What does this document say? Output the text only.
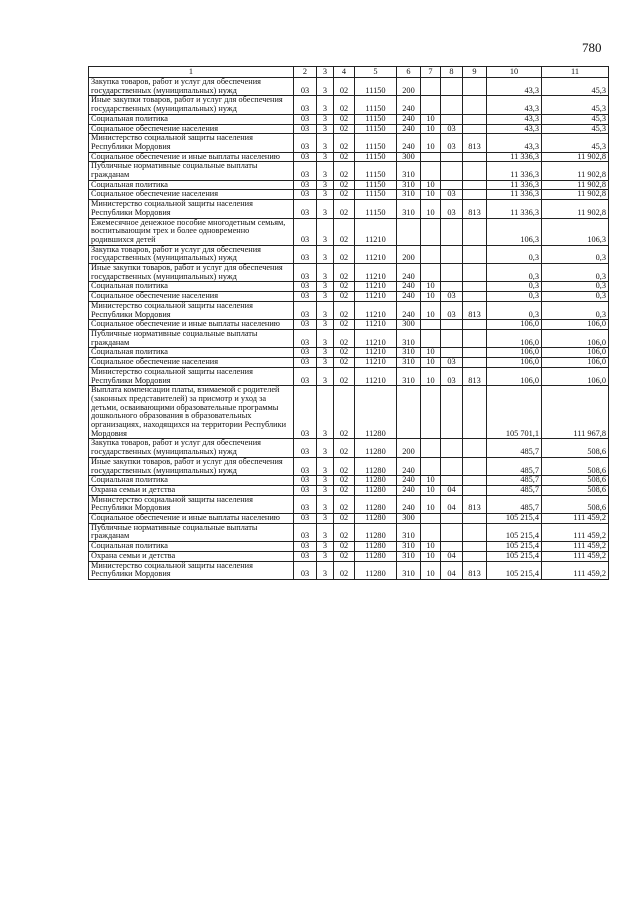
780
1	2	3	4	5	6	7	8	9	10	11
Закупка товаров, работ и услуг для обеспечения государственных (муниципальных) нужд	03	3	02	11150	200				43,3	45,3
Иные закупки товаров, работ и услуг для обеспечения государственных (муниципальных) нужд	03	3	02	11150	240				43,3	45,3
Социальная политика	03	3	02	11150	240	10			43,3	45,3
Социальное обеспечение населения	03	3	02	11150	240	10	03		43,3	45,3
Министерство социальной защиты населения Республики Мордовия	03	3	02	11150	240	10	03	813	43,3	45,3
Социальное обеспечение и иные выплаты населению	03	3	02	11150	300				11 336,3	11 902,8
Публичные нормативные социальные выплаты гражданам	03	3	02	11150	310				11 336,3	11 902,8
Социальная политика	03	3	02	11150	310	10			11 336,3	11 902,8
Социальное обеспечение населения	03	3	02	11150	310	10	03		11 336,3	11 902,8
Министерство социальной защиты населения Республики Мордовия	03	3	02	11150	310	10	03	813	11 336,3	11 902,8
Ежемесячное денежное пособие многодетным семьям, воспитывающим трех и более одновременно родившихся детей	03	3	02	11210					106,3	106,3
Закупка товаров, работ и услуг для обеспечения государственных (муниципальных) нужд	03	3	02	11210	200				0,3	0,3
Иные закупки товаров, работ и услуг для обеспечения государственных (муниципальных) нужд	03	3	02	11210	240				0,3	0,3
Социальная политика	03	3	02	11210	240	10			0,3	0,3
Социальное обеспечение населения	03	3	02	11210	240	10	03		0,3	0,3
Министерство социальной защиты населения Республики Мордовия	03	3	02	11210	240	10	03	813	0,3	0,3
Социальное обеспечение и иные выплаты населению	03	3	02	11210	300				106,0	106,0
Публичные нормативные социальные выплаты гражданам	03	3	02	11210	310				106,0	106,0
Социальная политика	03	3	02	11210	310	10			106,0	106,0
Социальное обеспечение населения	03	3	02	11210	310	10	03		106,0	106,0
Министерство социальной защиты населения Республики Мордовия	03	3	02	11210	310	10	03	813	106,0	106,0
Выплата компенсации платы, взимаемой с родителей (законных представителей) за присмотр и уход за детьми, осваивающими образовательные программы дошкольного образования в образовательных организациях, находящихся на территории Республики Мордовия	03	3	02	11280					105 701,1	111 967,8
Закупка товаров, работ и услуг для обеспечения государственных (муниципальных) нужд	03	3	02	11280	200				485,7	508,6
Иные закупки товаров, работ и услуг для обеспечения государственных (муниципальных) нужд	03	3	02	11280	240				485,7	508,6
Социальная политика	03	3	02	11280	240	10			485,7	508,6
Охрана семьи и детства	03	3	02	11280	240	10	04		485,7	508,6
Министерство социальной защиты населения Республики Мордовия	03	3	02	11280	240	10	04	813	485,7	508,6
Социальное обеспечение и иные выплаты населению	03	3	02	11280	300				105 215,4	111 459,2
Публичные нормативные социальные выплаты гражданам	03	3	02	11280	310				105 215,4	111 459,2
Социальная политика	03	3	02	11280	310	10			105 215,4	111 459,2
Охрана семьи и детства	03	3	02	11280	310	10	04		105 215,4	111 459,2
Министерство социальной защиты населения Республики Мордовия	03	3	02	11280	310	10	04	813	105 215,4	111 459,2
